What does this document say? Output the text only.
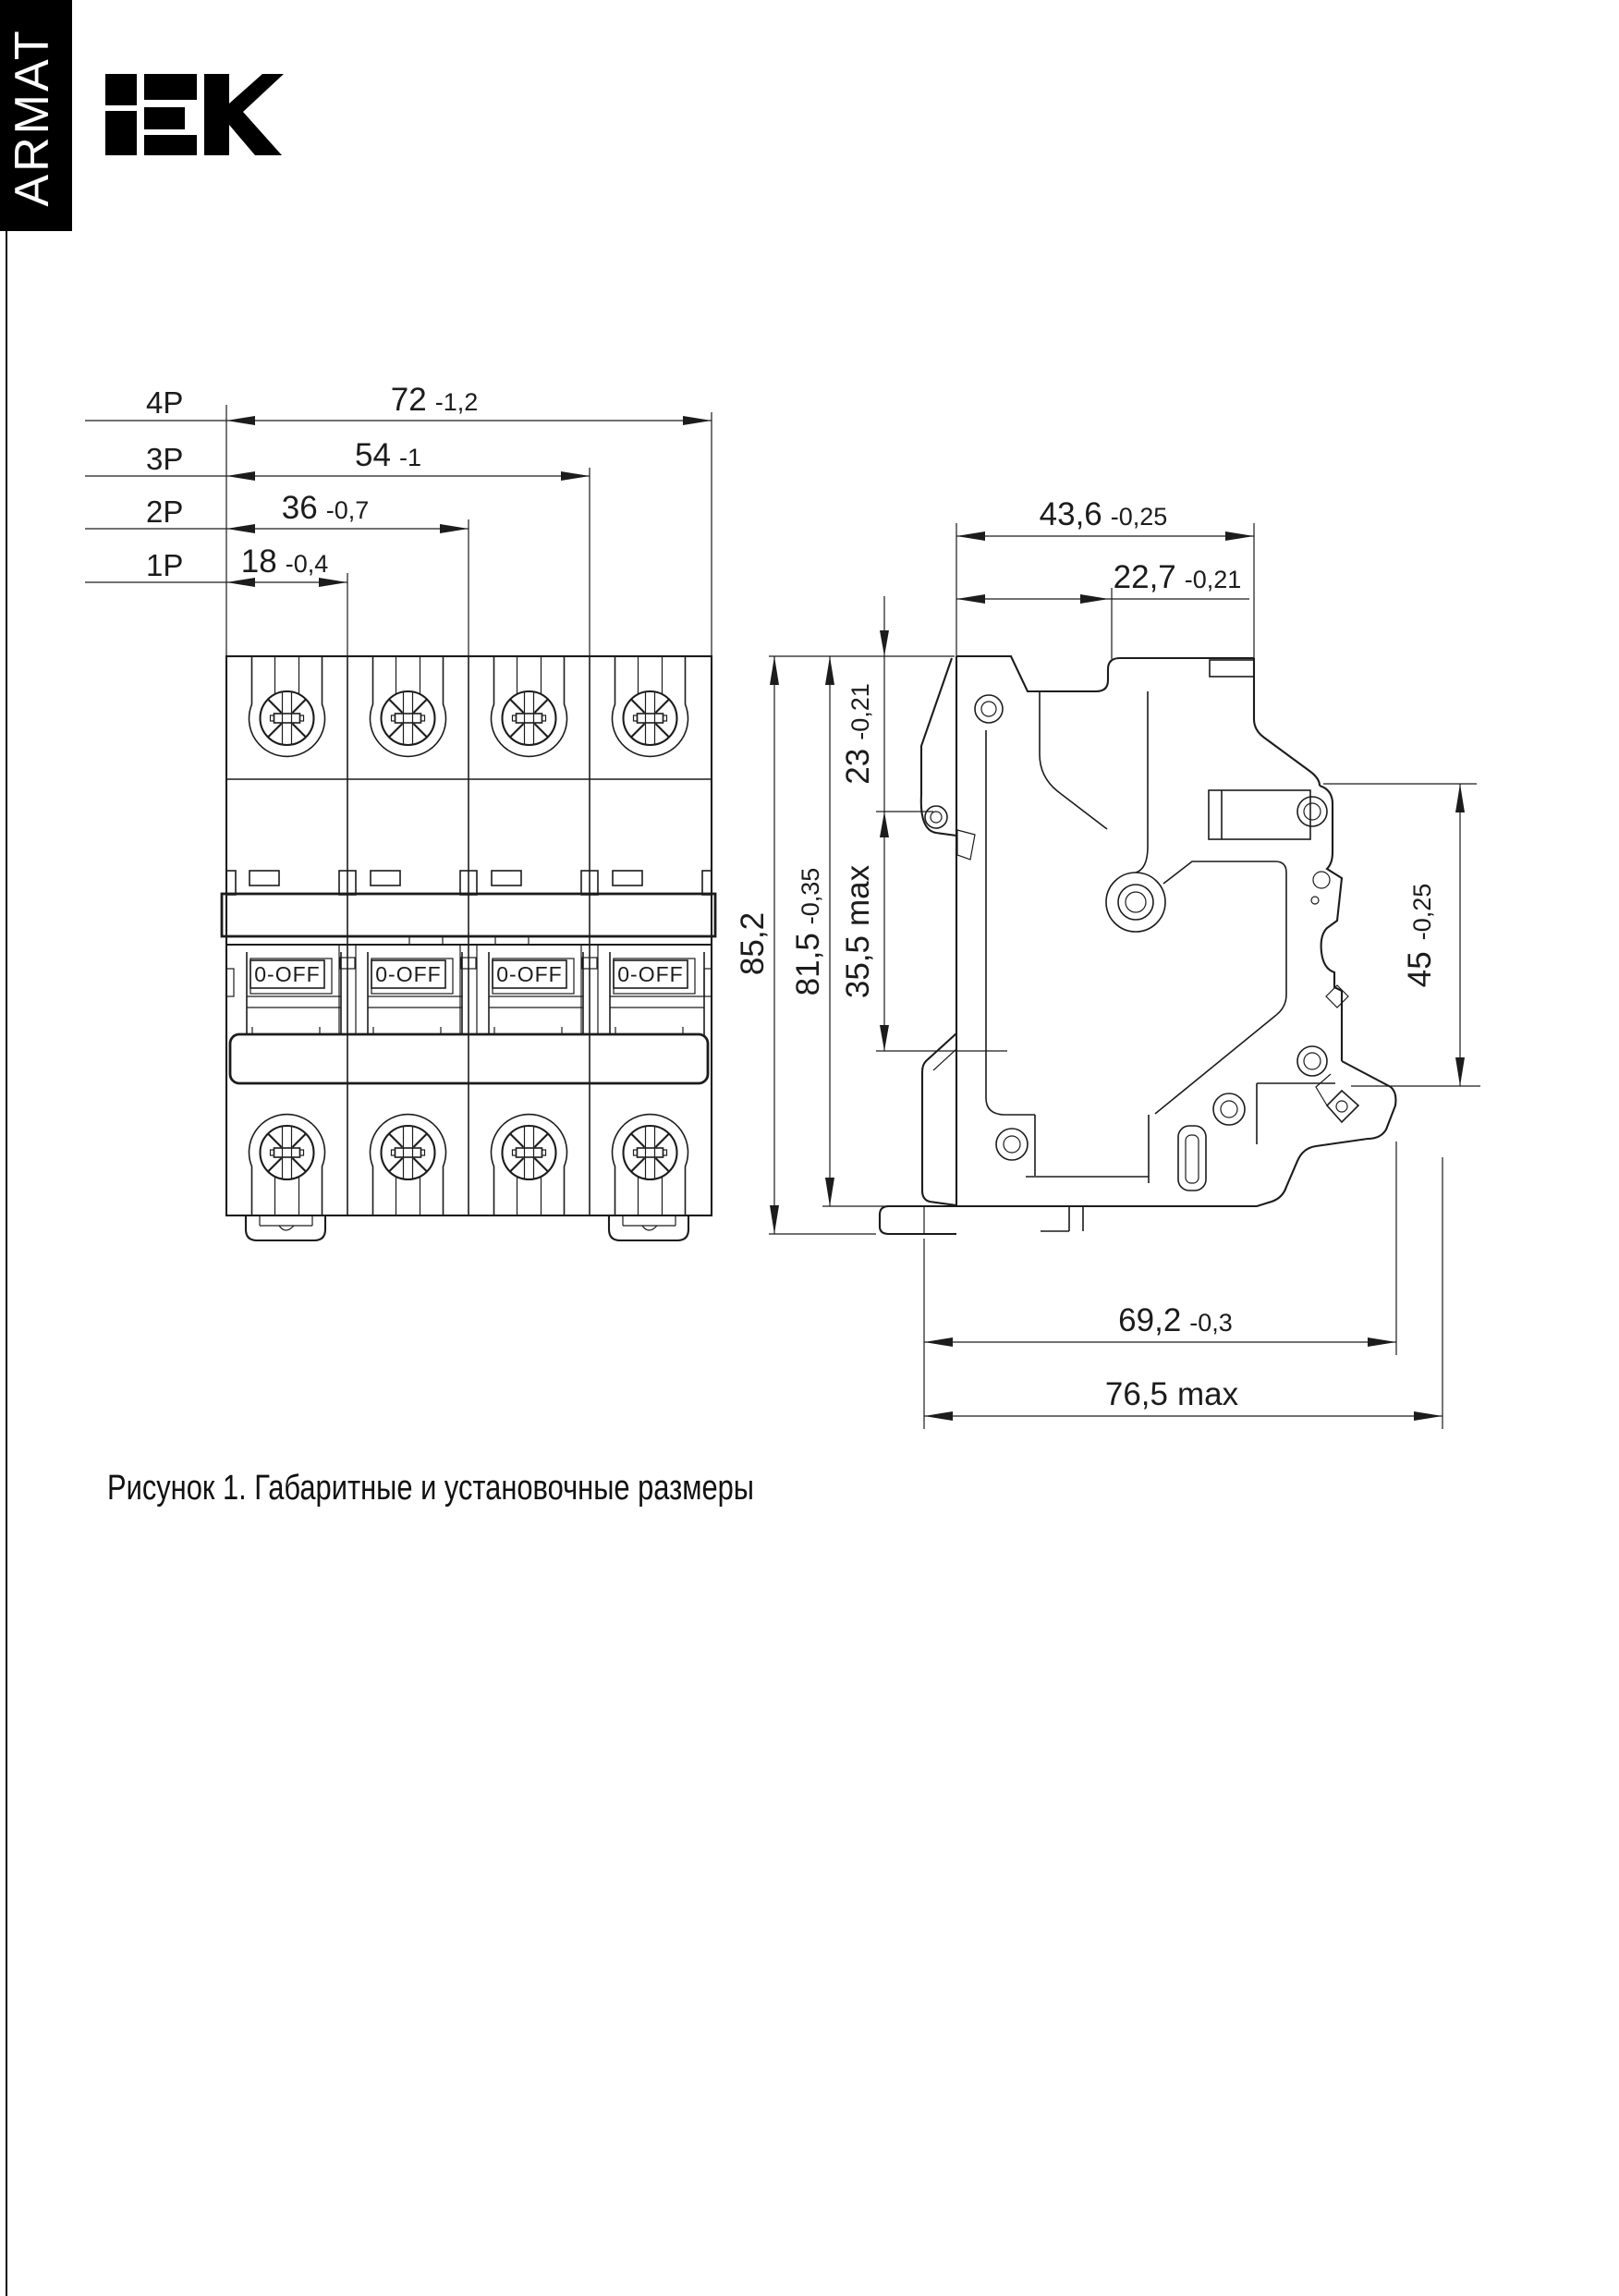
ARMAT
0-OFF	0-OFF	0-OFF	0-OFF
4P	72 -1,2
3P	54 -1
2P	36 -0,7
1P 18 -0,4
43,6 -0,25
22,7 -0,21
85,2 81,5-0,35
23-0,21
35,5max
45-0,25
69,2 -0,3
76,5 max
Рисунок 1. Габаритные и установочные размеры
